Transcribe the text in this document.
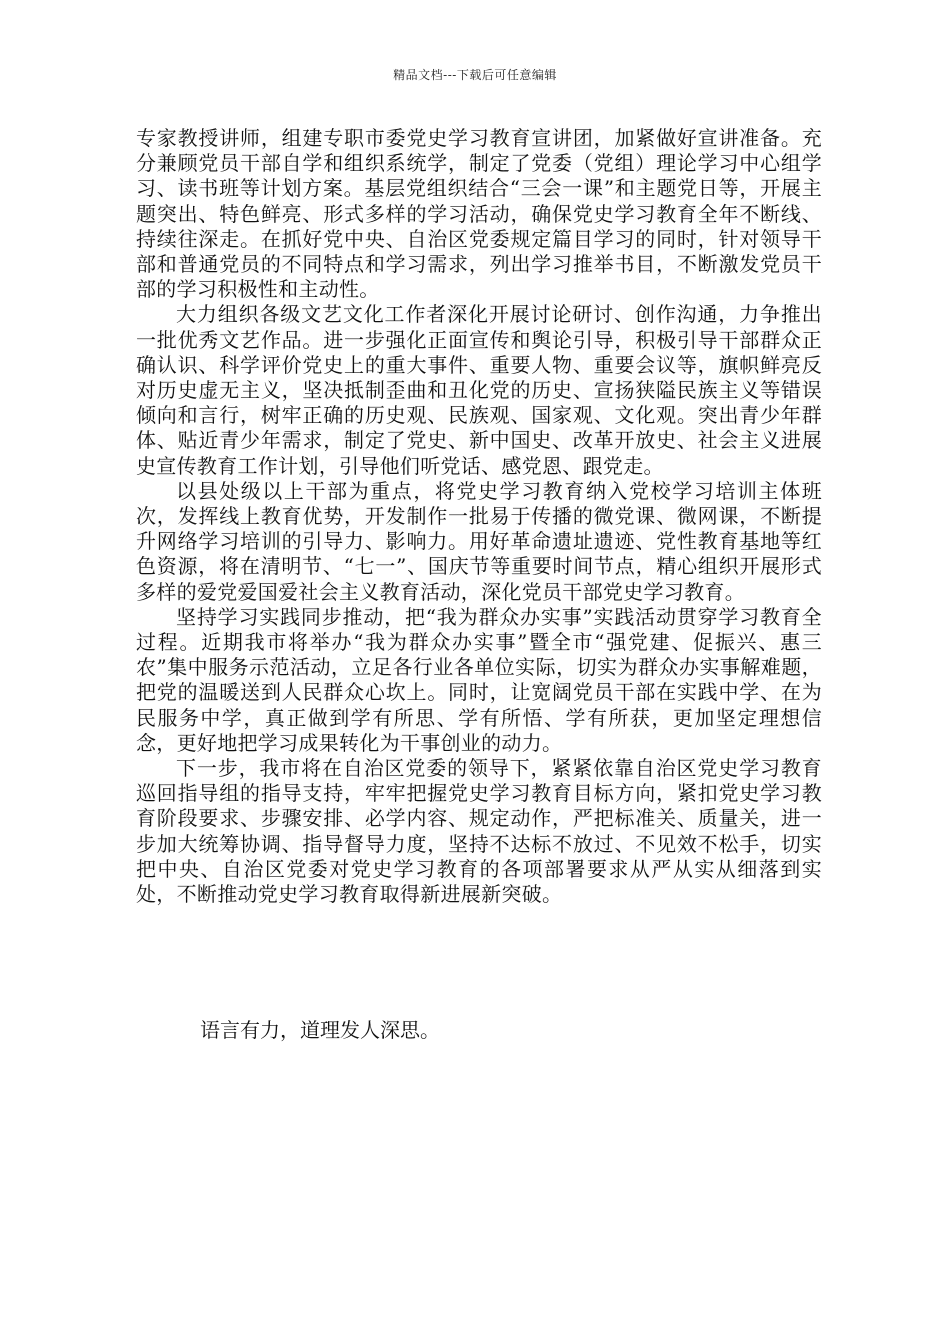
精品文档---下载后可任意编辑

专家教授讲师，组建专职市委党史学习教育宣讲团，加紧做好宣讲准备。充分兼顾党员干部自学和组织系统学，制定了党委（党组）理论学习中心组学习、读书班等计划方案。基层党组织结合“三会一课”和主题党日等，开展主题突出、特色鲜亮、形式多样的学习活动，确保党史学习教育全年不断线、持续往深走。在抓好党中央、自治区党委规定篇目学习的同时，针对领导干部和普通党员的不同特点和学习需求，列出学习推举书目，不断激发党员干部的学习积极性和主动性。

大力组织各级文艺文化工作者深化开展讨论研讨、创作沟通，力争推出一批优秀文艺作品。进一步强化正面宣传和舆论引导，积极引导干部群众正确认识、科学评价党史上的重大事件、重要人物、重要会议等，旗帜鲜亮反对历史虚无主义，坚决抵制歪曲和丑化党的历史、宣扬狭隘民族主义等错误倾向和言行，树牢正确的历史观、民族观、国家观、文化观。突出青少年群体、贴近青少年需求，制定了党史、新中国史、改革开放史、社会主义进展史宣传教育工作计划，引导他们听党话、感党恩、跟党走。

以县处级以上干部为重点，将党史学习教育纳入党校学习培训主体班次，发挥线上教育优势，开发制作一批易于传播的微党课、微网课，不断提升网络学习培训的引导力、影响力。用好革命遗址遗迹、党性教育基地等红色资源，将在清明节、“七一”、国庆节等重要时间节点，精心组织开展形式多样的爱党爱国爱社会主义教育活动，深化党员干部党史学习教育。

坚持学习实践同步推动，把“我为群众办实事”实践活动贯穿学习教育全过程。近期我市将举办“我为群众办实事”暨全市“强党建、促振兴、惠三农”集中服务示范活动，立足各行业各单位实际，切实为群众办实事解难题，把党的温暖送到人民群众心坎上。同时，让宽阔党员干部在实践中学、在为民服务中学，真正做到学有所思、学有所悟、学有所获，更加坚定理想信念，更好地把学习成果转化为干事创业的动力。

下一步，我市将在自治区党委的领导下，紧紧依靠自治区党史学习教育巡回指导组的指导支持，牢牢把握党史学习教育目标方向，紧扣党史学习教育阶段要求、步骤安排、必学内容、规定动作，严把标准关、质量关，进一步加大统筹协调、指导督导力度，坚持不达标不放过、不见效不松手，切实把中央、自治区党委对党史学习教育的各项部署要求从严从实从细落到实处，不断推动党史学习教育取得新进展新突破。

语言有力，道理发人深思。
